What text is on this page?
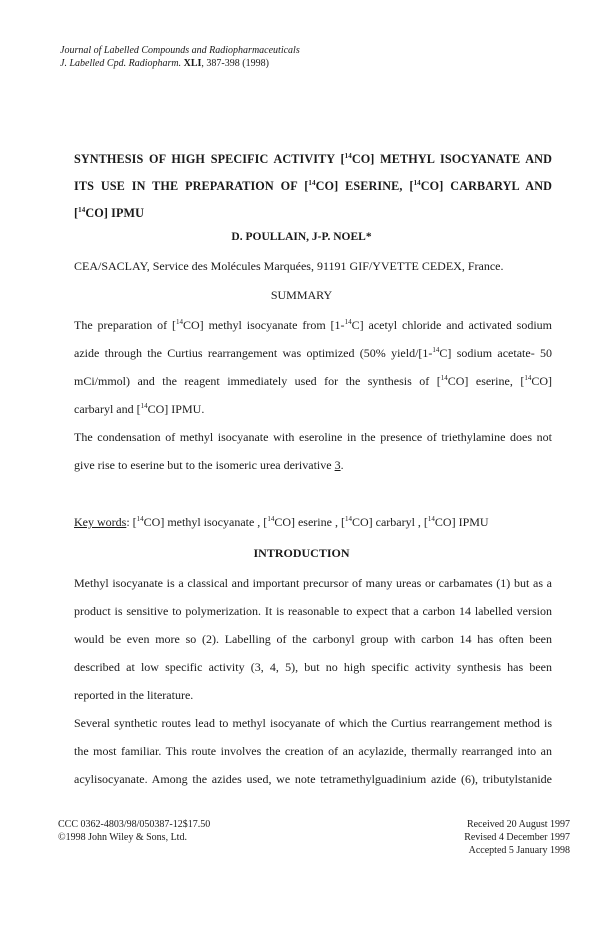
Journal of Labelled Compounds and Radiopharmaceuticals
J. Labelled Cpd. Radiopharm. XLI, 387-398 (1998)
SYNTHESIS OF HIGH SPECIFIC ACTIVITY [$^{14}$CO] METHYL ISOCYANATE AND
ITS USE IN THE PREPARATION OF [$^{14}$CO] ESERINE, [$^{14}$CO] CARBARYL AND
[$^{14}$CO] IPMU
D. POULLAIN, J-P. NOEL*
CEA/SACLAY, Service des Molécules Marquées, 91191 GIF/YVETTE CEDEX, France.
SUMMARY
The preparation of [$^{14}$CO] methyl isocyanate from [1-$^{14}$C] acetyl chloride and activated sodium
azide through the Curtius rearrangement was optimized (50% yield/[1-$^{14}$C] sodium acetate- 50
mCi/mmol) and the reagent immediately used for the synthesis of [$^{14}$CO] eserine, [$^{14}$CO]
carbaryl and [$^{14}$CO] IPMU.
The condensation of methyl isocyanate with eseroline in the presence of triethylamine does not
give rise to eserine but to the isomeric urea derivative 3.
Key words: [$^{14}$CO] methyl isocyanate , [$^{14}$CO] eserine , [$^{14}$CO] carbaryl , [$^{14}$CO] IPMU
INTRODUCTION
Methyl isocyanate is a classical and important precursor of many ureas or carbamates (1) but as a
product is sensitive to polymerization. It is reasonable to expect that a carbon 14 labelled version
would be even more so (2). Labelling of the carbonyl group with carbon 14 has often been
described at low specific activity (3, 4, 5), but no high specific activity synthesis has been
reported in the literature.
Several synthetic routes lead to methyl isocyanate of which the Curtius rearrangement method is
the most familiar. This route involves the creation of an acylazide, thermally rearranged into an
acylisocyanate. Among the azides used, we note tetramethylguadinium azide (6), tributylstanide
CCC 0362-4803/98/050387-12$17.50
©1998 John Wiley & Sons, Ltd.
Received 20 August 1997
Revised 4 December 1997
Accepted 5 January 1998
